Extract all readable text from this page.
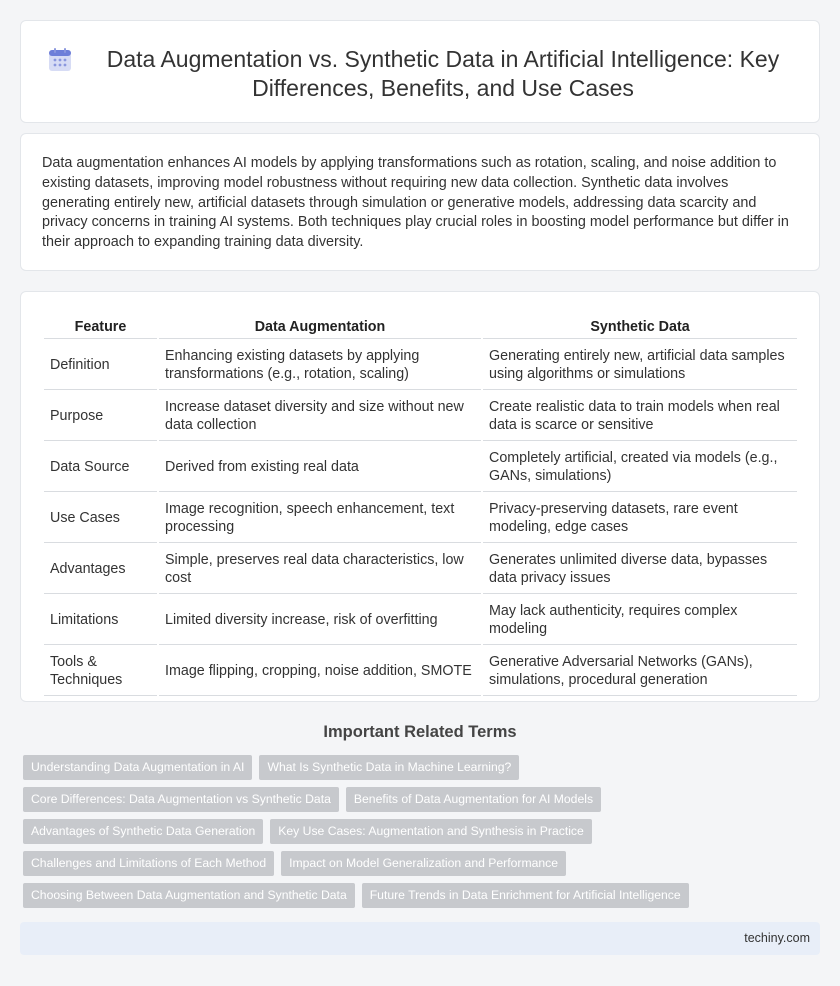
Data Augmentation vs. Synthetic Data in Artificial Intelligence: Key Differences, Benefits, and Use Cases

Data augmentation enhances AI models by applying transformations such as rotation, scaling, and noise addition to existing datasets, improving model robustness without requiring new data collection. Synthetic data involves generating entirely new, artificial datasets through simulation or generative models, addressing data scarcity and privacy concerns in training AI systems. Both techniques play crucial roles in boosting model performance but differ in their approach to expanding training data diversity.

Feature	Data Augmentation	Synthetic Data
Definition	Enhancing existing datasets by applying transformations (e.g., rotation, scaling)	Generating entirely new, artificial data samples using algorithms or simulations
Purpose	Increase dataset diversity and size without new data collection	Create realistic data to train models when real data is scarce or sensitive
Data Source	Derived from existing real data	Completely artificial, created via models (e.g., GANs, simulations)
Use Cases	Image recognition, speech enhancement, text processing	Privacy-preserving datasets, rare event modeling, edge cases
Advantages	Simple, preserves real data characteristics, low cost	Generates unlimited diverse data, bypasses data privacy issues
Limitations	Limited diversity increase, risk of overfitting	May lack authenticity, requires complex modeling
Tools & Techniques	Image flipping, cropping, noise addition, SMOTE	Generative Adversarial Networks (GANs), simulations, procedural generation
Important Related Terms
Understanding Data Augmentation in AI	What Is Synthetic Data in Machine Learning?
Core Differences: Data Augmentation vs Synthetic Data	Benefits of Data Augmentation for AI Models
Advantages of Synthetic Data Generation	Key Use Cases: Augmentation and Synthesis in Practice
Challenges and Limitations of Each Method	Impact on Model Generalization and Performance
Choosing Between Data Augmentation and Synthetic Data	Future Trends in Data Enrichment for Artificial Intelligence
techiny.com
